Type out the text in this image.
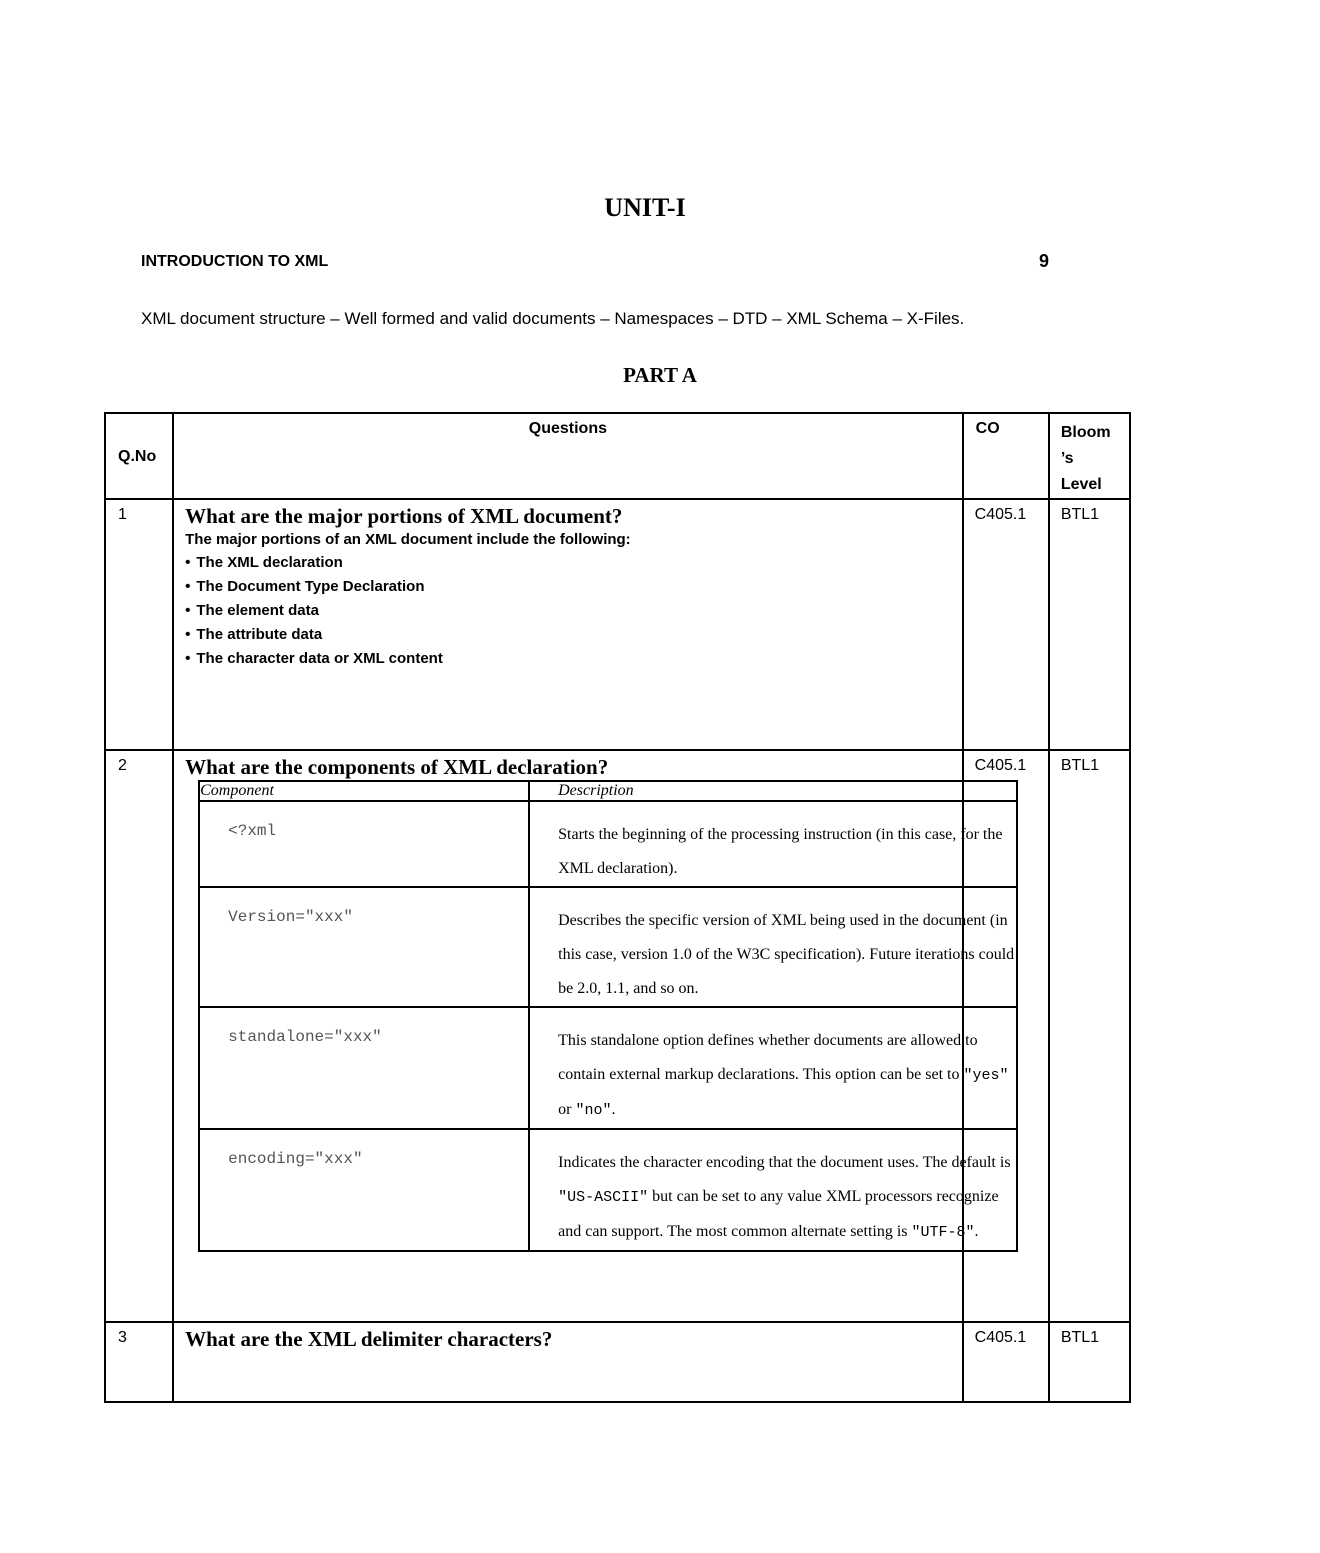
UNIT-I
INTRODUCTION TO XML	9
XML document structure – Well formed and valid documents – Namespaces – DTD – XML Schema – X-Files.
PART A
Q.No	Questions	CO	Bloom
’s
Level

1	What are the major portions of XML document?

The major portions of an XML document include the following:

• The XML declaration
• The Document Type Declaration
• The element data
• The attribute data
• The character data or XML content
	C405.1	BTL1
2	What are the components of XML declaration?

Component	Description
<?xml	Starts the beginning of the processing instruction (in this case, for the XML declaration).
Version="xxx"	Describes the specific version of XML being used in the document (in this case, version 1.0 of the W3C specification). Future iterations could be 2.0, 1.1, and so on.
standalone="xxx"	This standalone option defines whether documents are allowed to contain external markup declarations. This option can be set to "yes" or "no".
encoding="xxx"	Indicates the character encoding that the document uses. The default is "US-ASCII" but can be set to any value XML processors recognize and can support. The most common alternate setting is "UTF-8".
	C405.1	BTL1
3	What are the XML delimiter characters?	C405.1	BTL1
